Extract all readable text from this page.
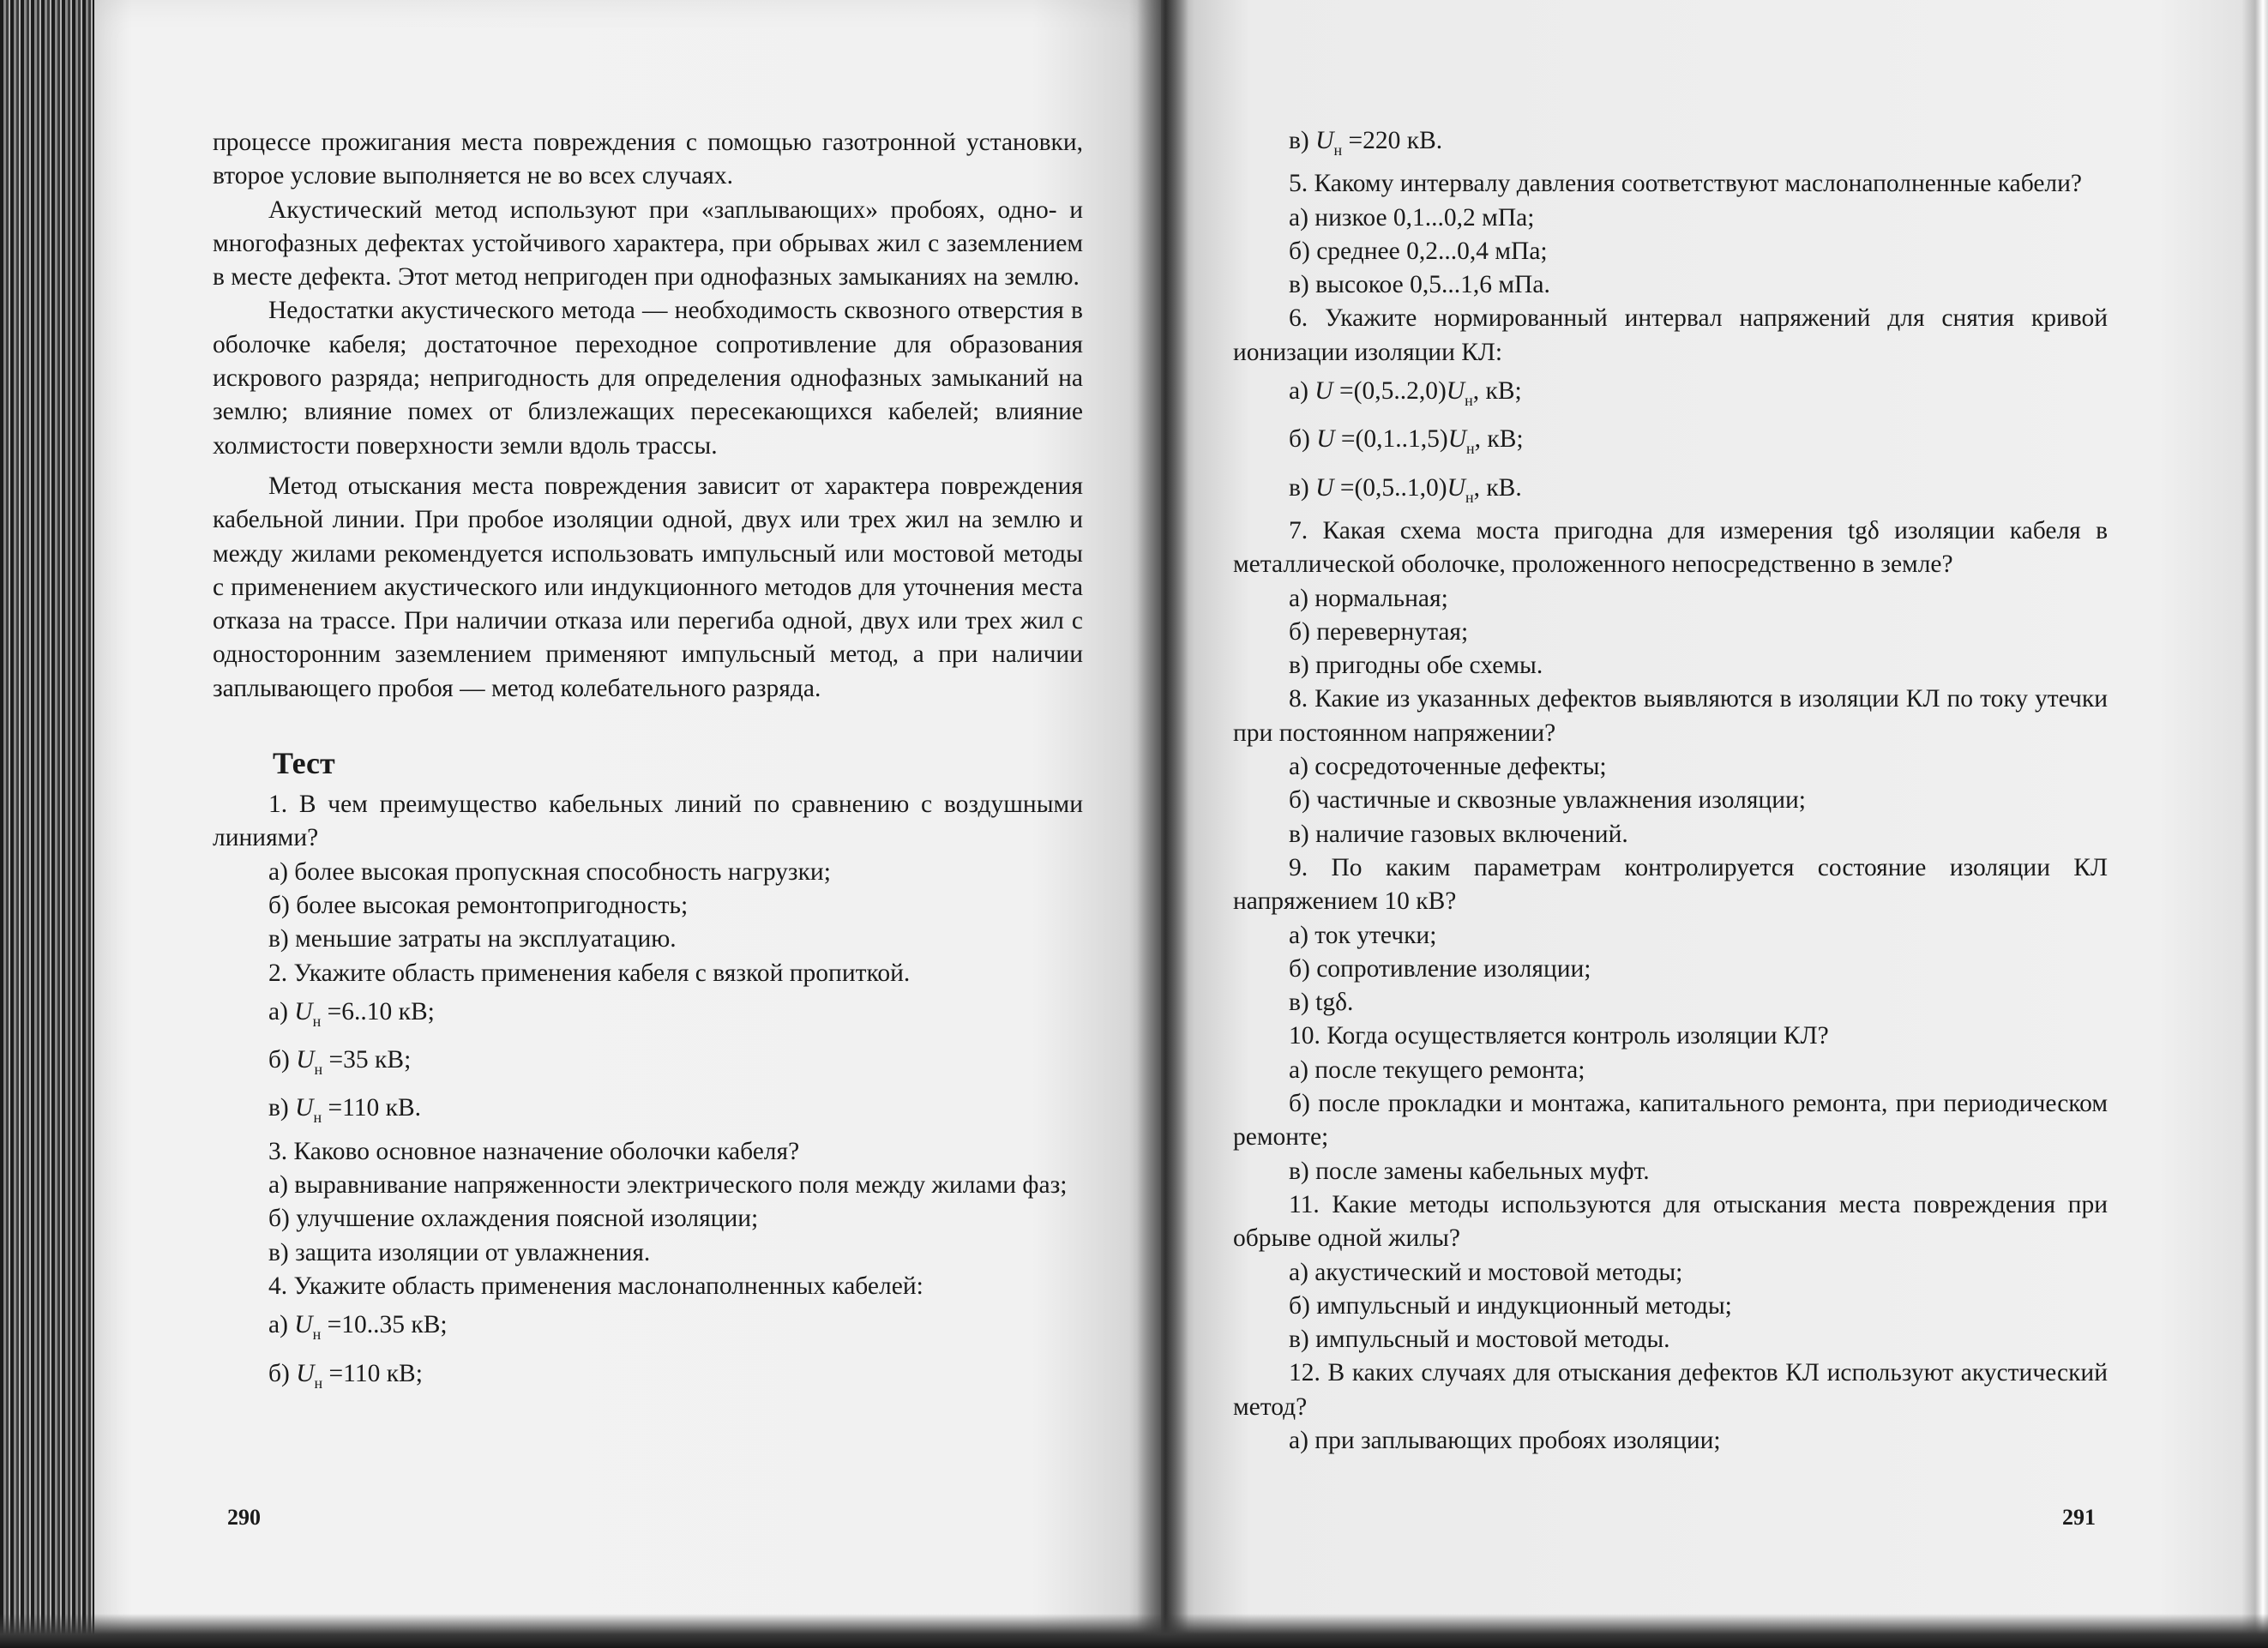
процессе прожигания места повреждения с помощью газотронной установки, второе условие выполняется не во всех случаях.
Акустический метод используют при «заплывающих» пробоях, одно- и многофазных дефектах устойчивого характера, при обрывах жил с заземлением в месте дефекта. Этот метод непригоден при однофазных замыканиях на землю.
Недостатки акустического метода — необходимость сквозного отверстия в оболочке кабеля; достаточное переходное сопротивление для образования искрового разряда; непригодность для определения однофазных замыканий на землю; влияние помех от близлежащих пересекающихся кабелей; влияние холмистости поверхности земли вдоль трассы.
Метод отыскания места повреждения зависит от характера повреждения кабельной линии. При пробое изоляции одной, двух или трех жил на землю и между жилами рекомендуется использовать импульсный или мостовой методы с применением акустического или индукционного методов для уточнения места отказа на трассе. При наличии отказа или перегиба одной, двух или трех жил с односторонним заземлением применяют импульсный метод, а при наличии заплывающего пробоя — метод колебательного разряда.
Тест
1. В чем преимущество кабельных линий по сравнению с воздушными линиями?
а) более высокая пропускная способность нагрузки;
б) более высокая ремонтопригодность;
в) меньшие затраты на эксплуатацию.
2. Укажите область применения кабеля с вязкой пропиткой.
а) $U_н =6..10$ кВ;
б) $U_н =35$ кВ;
в) $U_н =110$ кВ.
3. Каково основное назначение оболочки кабеля?
а) выравнивание напряженности электрического поля между жилами фаз;
б) улучшение охлаждения поясной изоляции;
в) защита изоляции от увлажнения.
4. Укажите область применения маслонаполненных кабелей:
а) $U_н =10..35$ кВ;
б) $U_н =110$ кВ;
290
в) $U_н =220$ кВ.
5. Какому интервалу давления соответствуют маслонаполненные кабели?
а) низкое 0,1...0,2 мПа;
б) среднее 0,2...0,4 мПа;
в) высокое 0,5...1,6 мПа.
6. Укажите нормированный интервал напряжений для снятия кривой ионизации изоляции КЛ:
а) $U =(0,5..2,0)U_н$, кВ;
б) $U =(0,1..1,5)U_н$, кВ;
в) $U =(0,5..1,0)U_н$, кВ.
7. Какая схема моста пригодна для измерения tgδ изоляции кабеля в металлической оболочке, проложенного непосредственно в земле?
а) нормальная;
б) перевернутая;
в) пригодны обе схемы.
8. Какие из указанных дефектов выявляются в изоляции КЛ по току утечки при постоянном напряжении?
а) сосредоточенные дефекты;
б) частичные и сквозные увлажнения изоляции;
в) наличие газовых включений.
9. По каким параметрам контролируется состояние изоляции КЛ напряжением 10 кВ?
а) ток утечки;
б) сопротивление изоляции;
в) tgδ.
10. Когда осуществляется контроль изоляции КЛ?
а) после текущего ремонта;
б) после прокладки и монтажа, капитального ремонта, при периодическом ремонте;
в) после замены кабельных муфт.
11. Какие методы используются для отыскания места повреждения при обрыве одной жилы?
а) акустический и мостовой методы;
б) импульсный и индукционный методы;
в) импульсный и мостовой методы.
12. В каких случаях для отыскания дефектов КЛ используют акустический метод?
а) при заплывающих пробоях изоляции;
291
